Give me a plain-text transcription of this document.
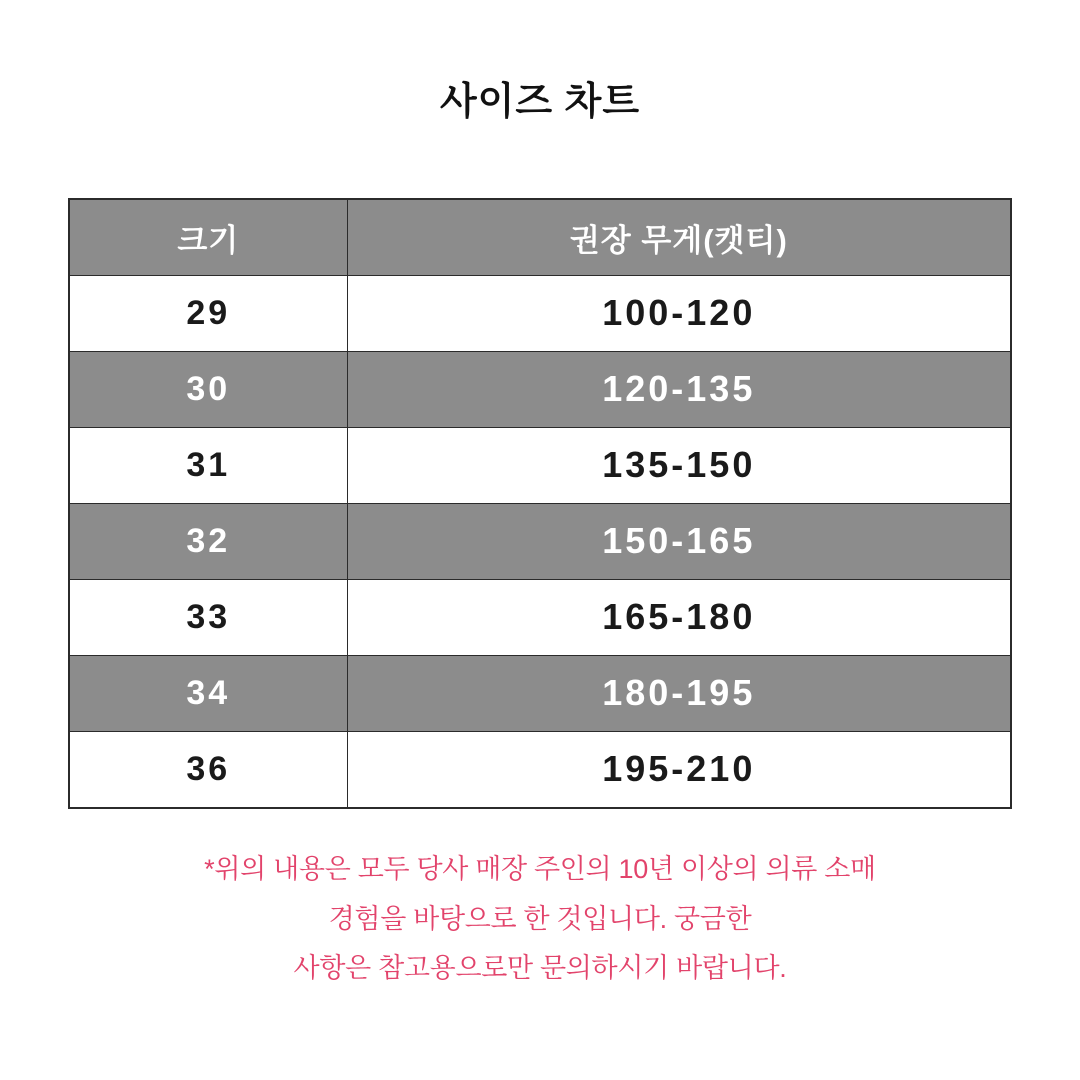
사이즈 차트
크기	권장 무게(캣티)
29	100-120
30	120-135
31	135-150
32	150-165
33	165-180
34	180-195
36	195-210
*위의 내용은 모두 당사 매장 주인의 10년 이상의 의류 소매
경험을 바탕으로 한 것입니다. 궁금한
사항은 참고용으로만 문의하시기 바랍니다.
